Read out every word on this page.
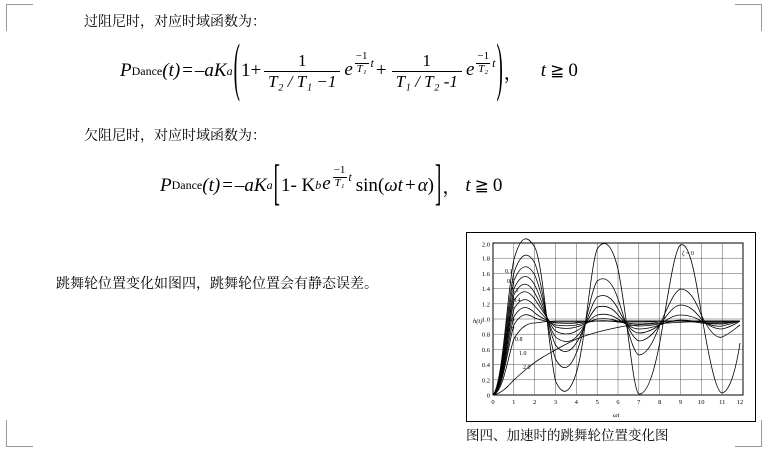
过阻尼时，对应时域函数为：
P Dance (t) = –aK a ( $1+ \frac{1}{\text{T₂ / T₁ −1}}$ e $\frac{-1}{\text{T₁}}$ $t + \frac{1}{\text{T₁ / T₂ -1}}$ e $\frac{-1}{\text{T₂}}$ t ) ， t ≧ 0
欠阻尼时，对应时域函数为：
P Dance (t) = –aK a [ 1- K b e $\frac{-1}{\text{T₁}}$ t sin ( ωt + α ) ] ， t ≧ 0
跳舞轮位置变化如图四，跳舞轮位置会有静态误差。
0
0.2
0.4
0.6
0.8
1.0
1.2
1.4
1.6
1.8
2.0
0	1	2	3	4	5	6	7	8	9 10 11 12
ζ = 0
0.1
0.2
0.3
0.4
0.5
0.6
0.7
0.8
1.0
2.0
h(t)
ωt
图四、加速时的跳舞轮位置变化图
